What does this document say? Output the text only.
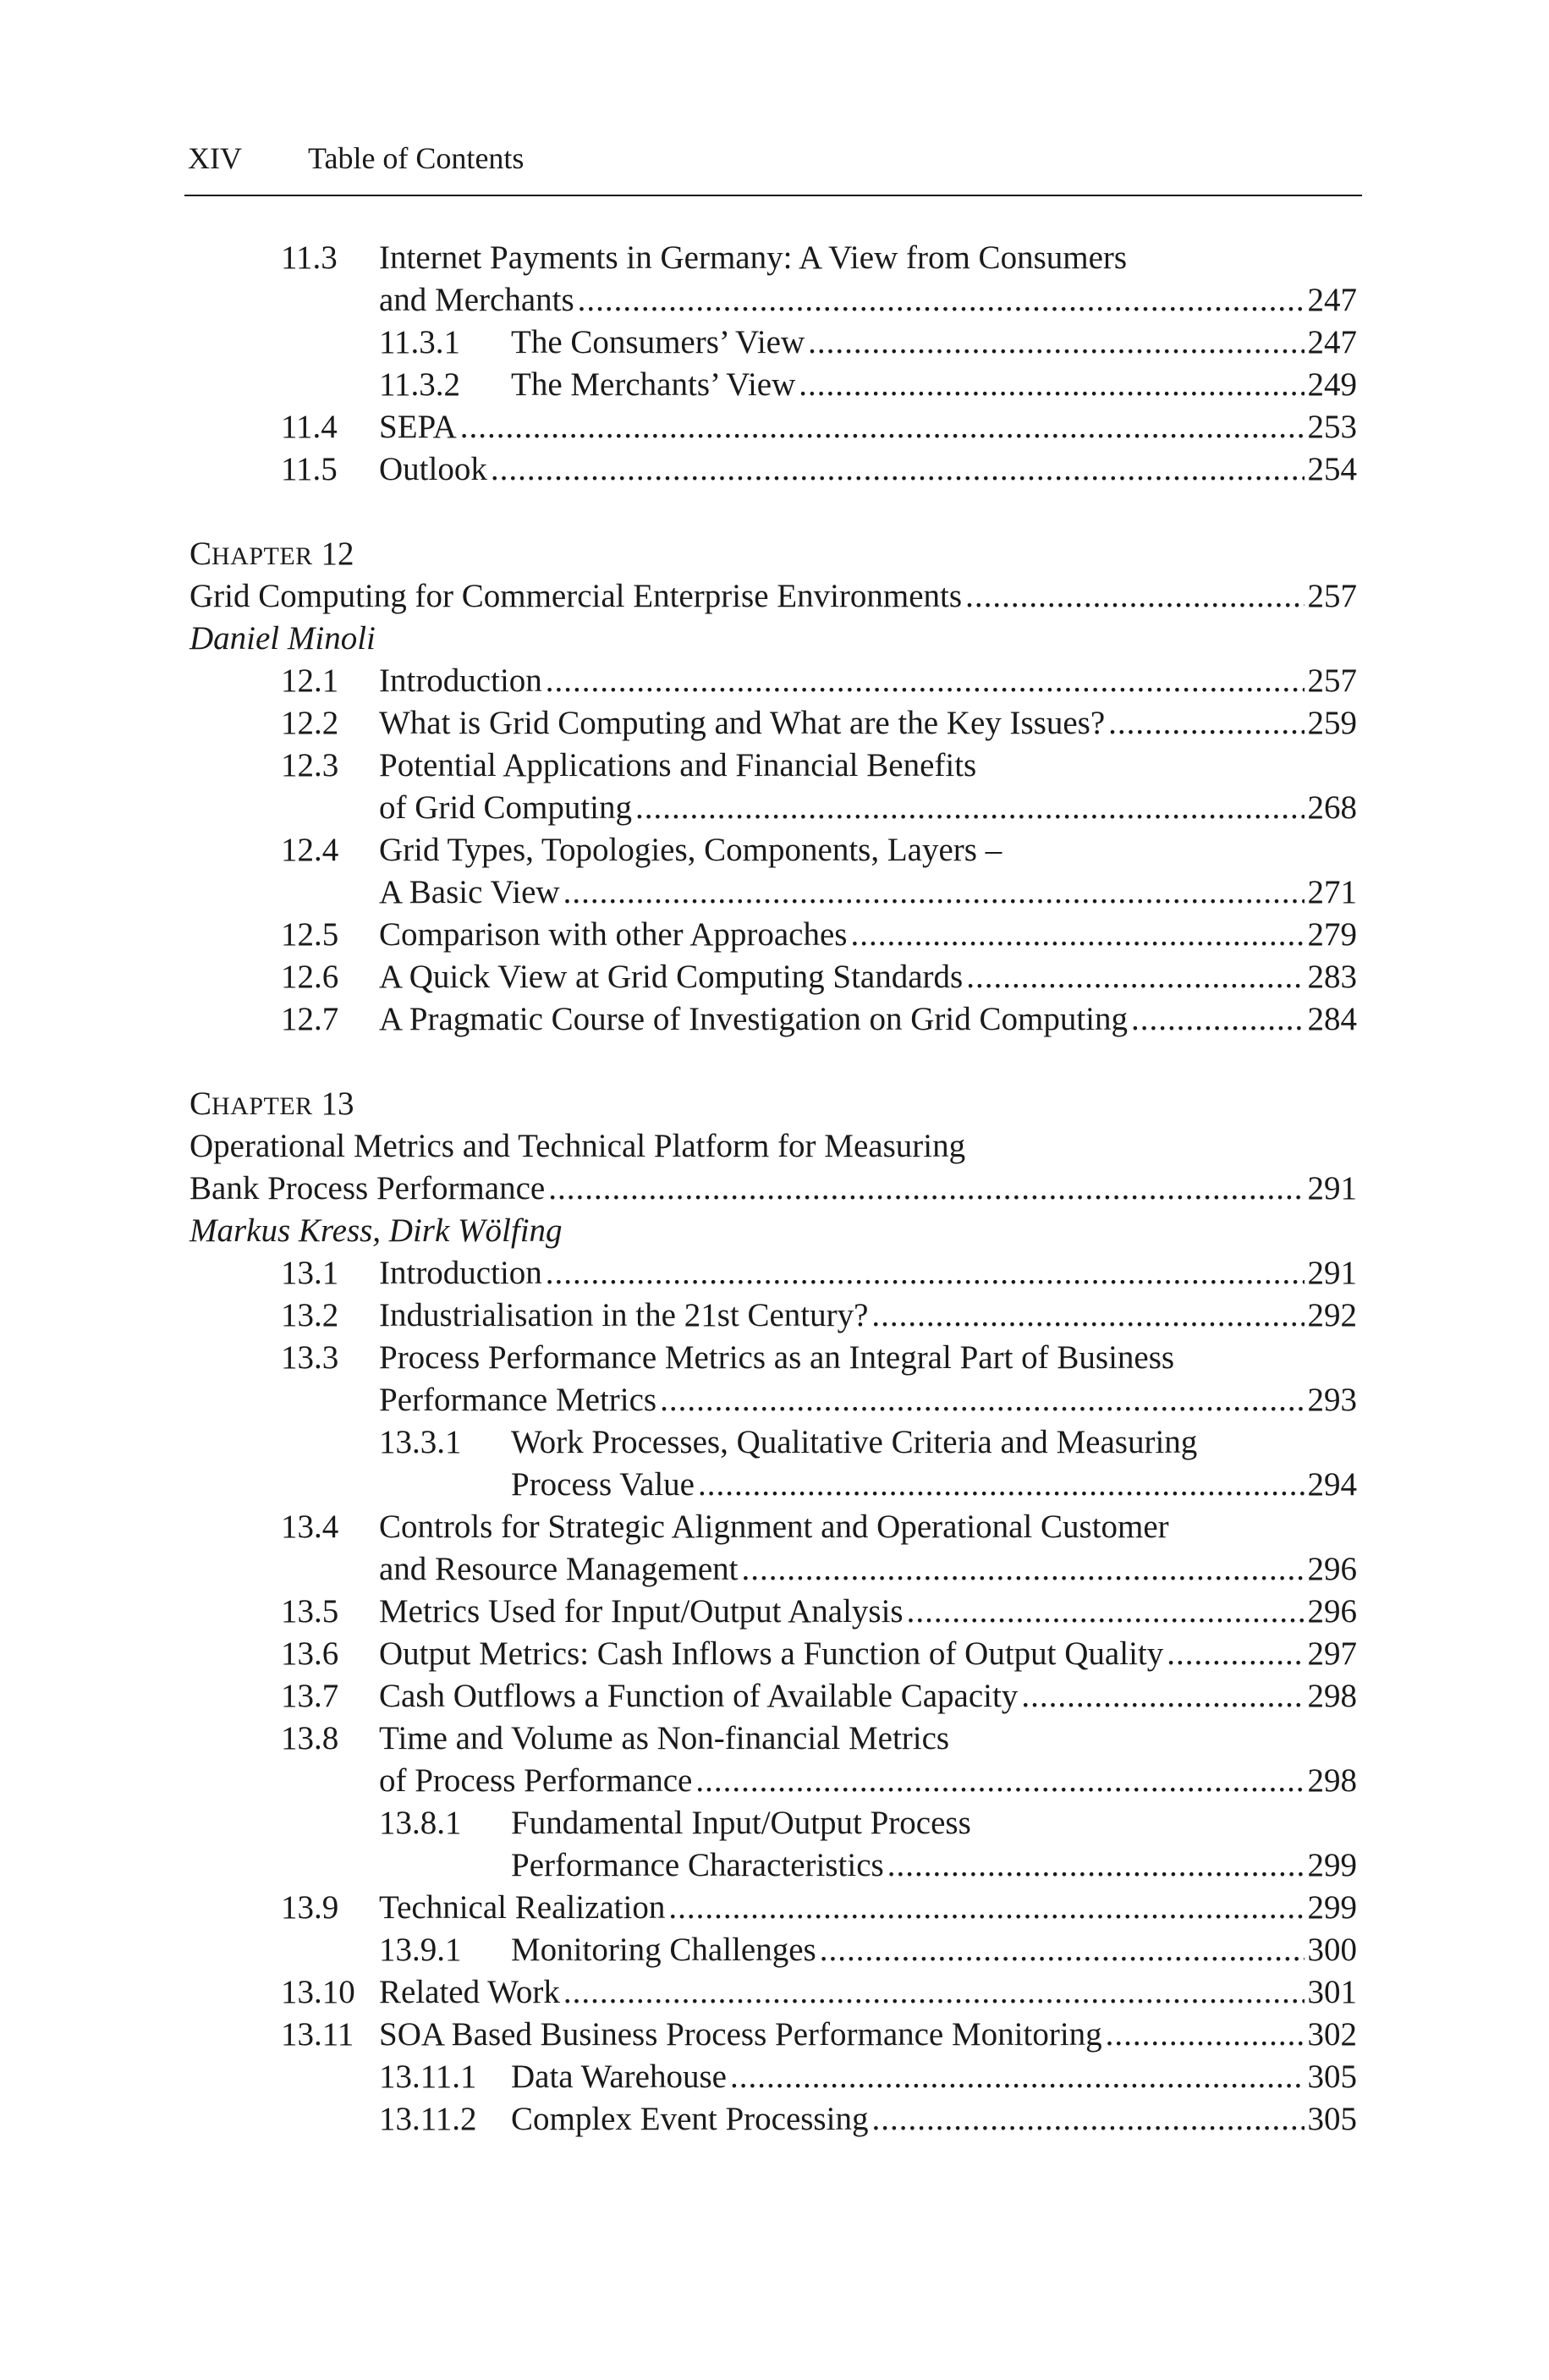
XIV Table of Contents
11.3 Internet Payments in Germany: A View from Consumers
and Merchants .....	247
11.3.1 The Consumers’ View .....	247
11.3.2 The Merchants’ View .....	249
11.4 SEPA .....	253
11.5 Outlook .....	254
C HAPTER
12
Grid Computing for Commercial Enterprise Environments .....	257
Daniel Minoli
12.1 Introduction .....	257
12.2 What is Grid Computing and What are the Key Issues? .....	259
12.3 Potential Applications and Financial Benefits
of Grid Computing .....	268
12.4 Grid Types, Topologies, Components, Layers –
A Basic View .....	271
12.5 Comparison with other Approaches .....	279
12.6 A Quick View at Grid Computing Standards .....	283
12.7 A Pragmatic Course of Investigation on Grid Computing .....	284
C HAPTER
13
Operational Metrics and Technical Platform for Measuring
Bank Process Performance .....	291
Markus Kress, Dirk Wölfing
13.1 Introduction .....	291
13.2 Industrialisation in the 21st Century? .....	292
13.3 Process Performance Metrics as an Integral Part of Business
Performance Metrics .....	293
13.3.1 Work Processes, Qualitative Criteria and Measuring
Process Value .....	294
13.4 Controls for Strategic Alignment and Operational Customer
and Resource Management .....	296
13.5 Metrics Used for Input/Output Analysis .....	296
13.6 Output Metrics: Cash Inflows a Function of Output Quality .....	297
13.7 Cash Outflows a Function of Available Capacity .....	298
13.8 Time and Volume as Non-financial Metrics
of Process Performance .....	298
13.8.1 Fundamental Input/Output Process
Performance Characteristics .....	299
13.9 Technical Realization .....	299
13.9.1 Monitoring Challenges .....	300
13.10 Related Work .....	301
13.11 SOA Based Business Process Performance Monitoring .....	302
13.11.1 Data Warehouse .....	305
13.11.2 Complex Event Processing .....	305
